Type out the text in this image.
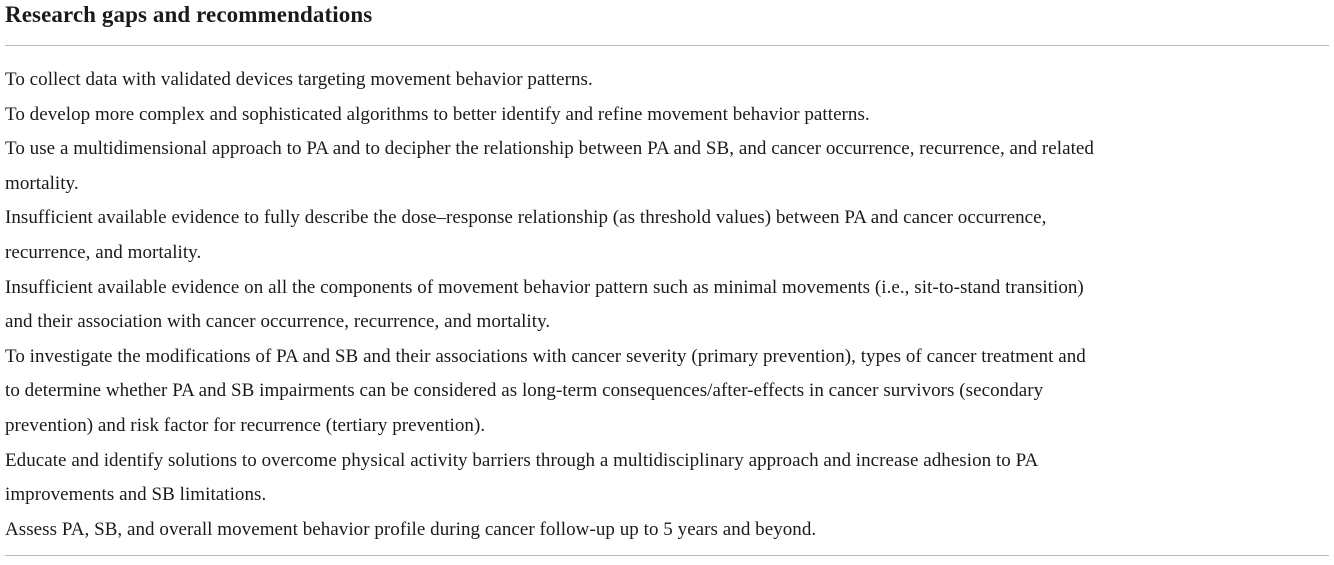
Research gaps and recommendations
To collect data with validated devices targeting movement behavior patterns.
To develop more complex and sophisticated algorithms to better identify and refine movement behavior patterns.
To use a multidimensional approach to PA and to decipher the relationship between PA and SB, and cancer occurrence, recurrence, and related mortality.
Insufficient available evidence to fully describe the dose–response relationship (as threshold values) between PA and cancer occurrence, recurrence, and mortality.
Insufficient available evidence on all the components of movement behavior pattern such as minimal movements (i.e., sit-to-stand transition) and their association with cancer occurrence, recurrence, and mortality.
To investigate the modifications of PA and SB and their associations with cancer severity (primary prevention), types of cancer treatment and to determine whether PA and SB impairments can be considered as long-term consequences/after-effects in cancer survivors (secondary prevention) and risk factor for recurrence (tertiary prevention).
Educate and identify solutions to overcome physical activity barriers through a multidisciplinary approach and increase adhesion to PA improvements and SB limitations.
Assess PA, SB, and overall movement behavior profile during cancer follow-up up to 5 years and beyond.
